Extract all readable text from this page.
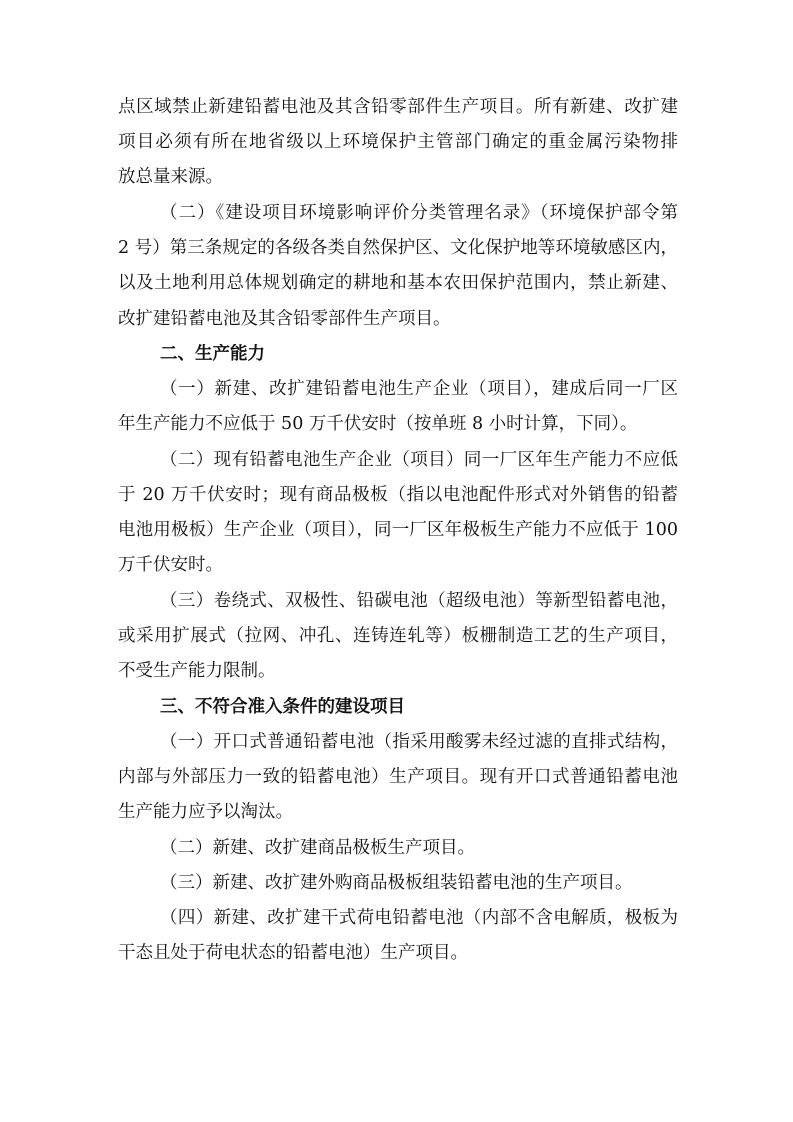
点区域禁止新建铅蓄电池及其含铅零部件生产项目。所有新建、改扩建
项目必须有所在地省级以上环境保护主管部门确定的重金属污染物排
放总量来源。
（二）《建设项目环境影响评价分类管理名录》（环境保护部令第
2 号）第三条规定的各级各类自然保护区、文化保护地等环境敏感区内，
以及土地利用总体规划确定的耕地和基本农田保护范围内，禁止新建、
改扩建铅蓄电池及其含铅零部件生产项目。
二、生产能力
（一）新建、改扩建铅蓄电池生产企业（项目），建成后同一厂区
年生产能力不应低于 50 万千伏安时（按单班 8 小时计算，下同）。
（二）现有铅蓄电池生产企业（项目）同一厂区年生产能力不应低
于 20 万千伏安时；现有商品极板（指以电池配件形式对外销售的铅蓄
电池用极板）生产企业（项目），同一厂区年极板生产能力不应低于 100
万千伏安时。
（三）卷绕式、双极性、铅碳电池（超级电池）等新型铅蓄电池，
或采用扩展式（拉网、冲孔、连铸连轧等）板栅制造工艺的生产项目，
不受生产能力限制。
三、不符合准入条件的建设项目
（一）开口式普通铅蓄电池（指采用酸雾未经过滤的直排式结构，
内部与外部压力一致的铅蓄电池）生产项目。现有开口式普通铅蓄电池
生产能力应予以淘汰。
（二）新建、改扩建商品极板生产项目。
（三）新建、改扩建外购商品极板组装铅蓄电池的生产项目。
（四）新建、改扩建干式荷电铅蓄电池（内部不含电解质，极板为
干态且处于荷电状态的铅蓄电池）生产项目。
